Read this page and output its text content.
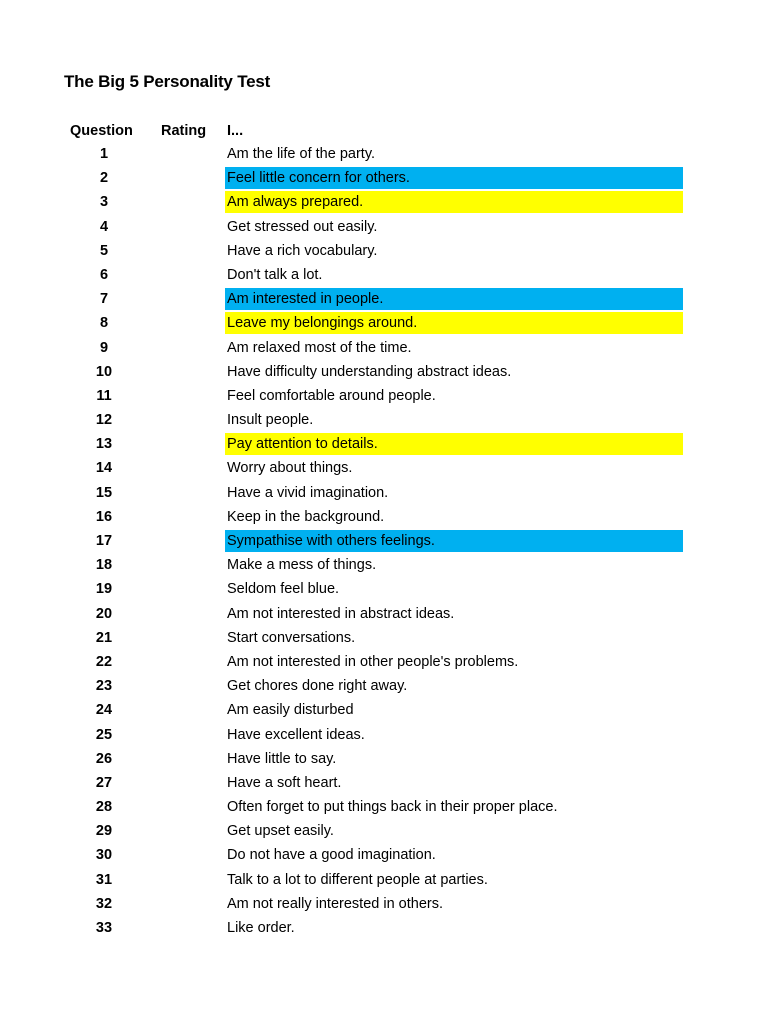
The Big 5 Personality Test
Question Rating I...
1	Am the life of the party.
2	Feel little concern for others.
3	Am always prepared.
4	Get stressed out easily.
5	Have a rich vocabulary.
6	Don't talk a lot.
7	Am interested in people.
8	Leave my belongings around.
9	Am relaxed most of the time.
10	Have difficulty understanding abstract ideas.
11	Feel comfortable around people.
12	Insult people.
13	Pay attention to details.
14	Worry about things.
15	Have a vivid imagination.
16	Keep in the background.
17	Sympathise with others feelings.
18	Make a mess of things.
19	Seldom feel blue.
20	Am not interested in abstract ideas.
21	Start conversations.
22	Am not interested in other people's problems.
23	Get chores done right away.
24	Am easily disturbed
25	Have excellent ideas.
26	Have little to say.
27	Have a soft heart.
28	Often forget to put things back in their proper place.
29	Get upset easily.
30	Do not have a good imagination.
31	Talk to a lot to different people at parties.
32	Am not really interested in others.
33	Like order.
